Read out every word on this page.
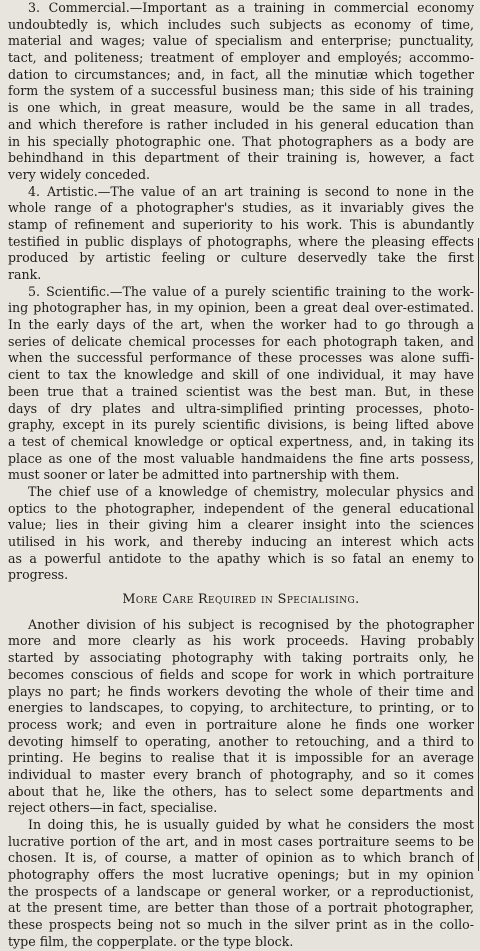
3. Commercial.—Important as a training in commercial economy
undoubtedly is, which includes such subjects as economy of time,
material and wages; value of specialism and enterprise; punctuality,
tact, and politeness; treatment of employer and employés; accommo-
dation to circumstances; and, in fact, all the minutiæ which together
form the system of a successful business man; this side of his training
is one which, in great measure, would be the same in all trades,
and which therefore is rather included in his general education than
in his specially photographic one. That photographers as a body are
behindhand in this department of their training is, however, a fact
very widely conceded.
4. Artistic.—The value of an art training is second to none in the
whole range of a photographer's studies, as it invariably gives the
stamp of refinement and superiority to his work. This is abundantly
testified in public displays of photographs, where the pleasing effects
produced by artistic feeling or culture deservedly take the first
rank.
5. Scientific.—The value of a purely scientific training to the work-
ing photographer has, in my opinion, been a great deal over-estimated.
In the early days of the art, when the worker had to go through a
series of delicate chemical processes for each photograph taken, and
when the successful performance of these processes was alone suffi-
cient to tax the knowledge and skill of one individual, it may have
been true that a trained scientist was the best man. But, in these
days of dry plates and ultra-simplified printing processes, photo-
graphy, except in its purely scientific divisions, is being lifted above
a test of chemical knowledge or optical expertness, and, in taking its
place as one of the most valuable handmaidens the fine arts possess,
must sooner or later be admitted into partnership with them.
The chief use of a knowledge of chemistry, molecular physics and
optics to the photographer, independent of the general educational
value; lies in their giving him a clearer insight into the sciences
utilised in his work, and thereby inducing an interest which acts
as a powerful antidote to the apathy which is so fatal an enemy to
progress.
More Care Required in Specialising.
Another division of his subject is recognised by the photographer
more and more clearly as his work proceeds. Having probably
started by associating photography with taking portraits only, he
becomes conscious of fields and scope for work in which portraiture
plays no part; he finds workers devoting the whole of their time and
energies to landscapes, to copying, to architecture, to printing, or to
process work; and even in portraiture alone he finds one worker
devoting himself to operating, another to retouching, and a third to
printing. He begins to realise that it is impossible for an average
individual to master every branch of photography, and so it comes
about that he, like the others, has to select some departments and
reject others—in fact, specialise.
In doing this, he is usually guided by what he considers the most
lucrative portion of the art, and in most cases portraiture seems to be
chosen. It is, of course, a matter of opinion as to which branch of
photography offers the most lucrative openings; but in my opinion
the prospects of a landscape or general worker, or a reproductionist,
at the present time, are better than those of a portrait photographer,
these prospects being not so much in the silver print as in the collo-
type film, the copperplate. or the type block.
